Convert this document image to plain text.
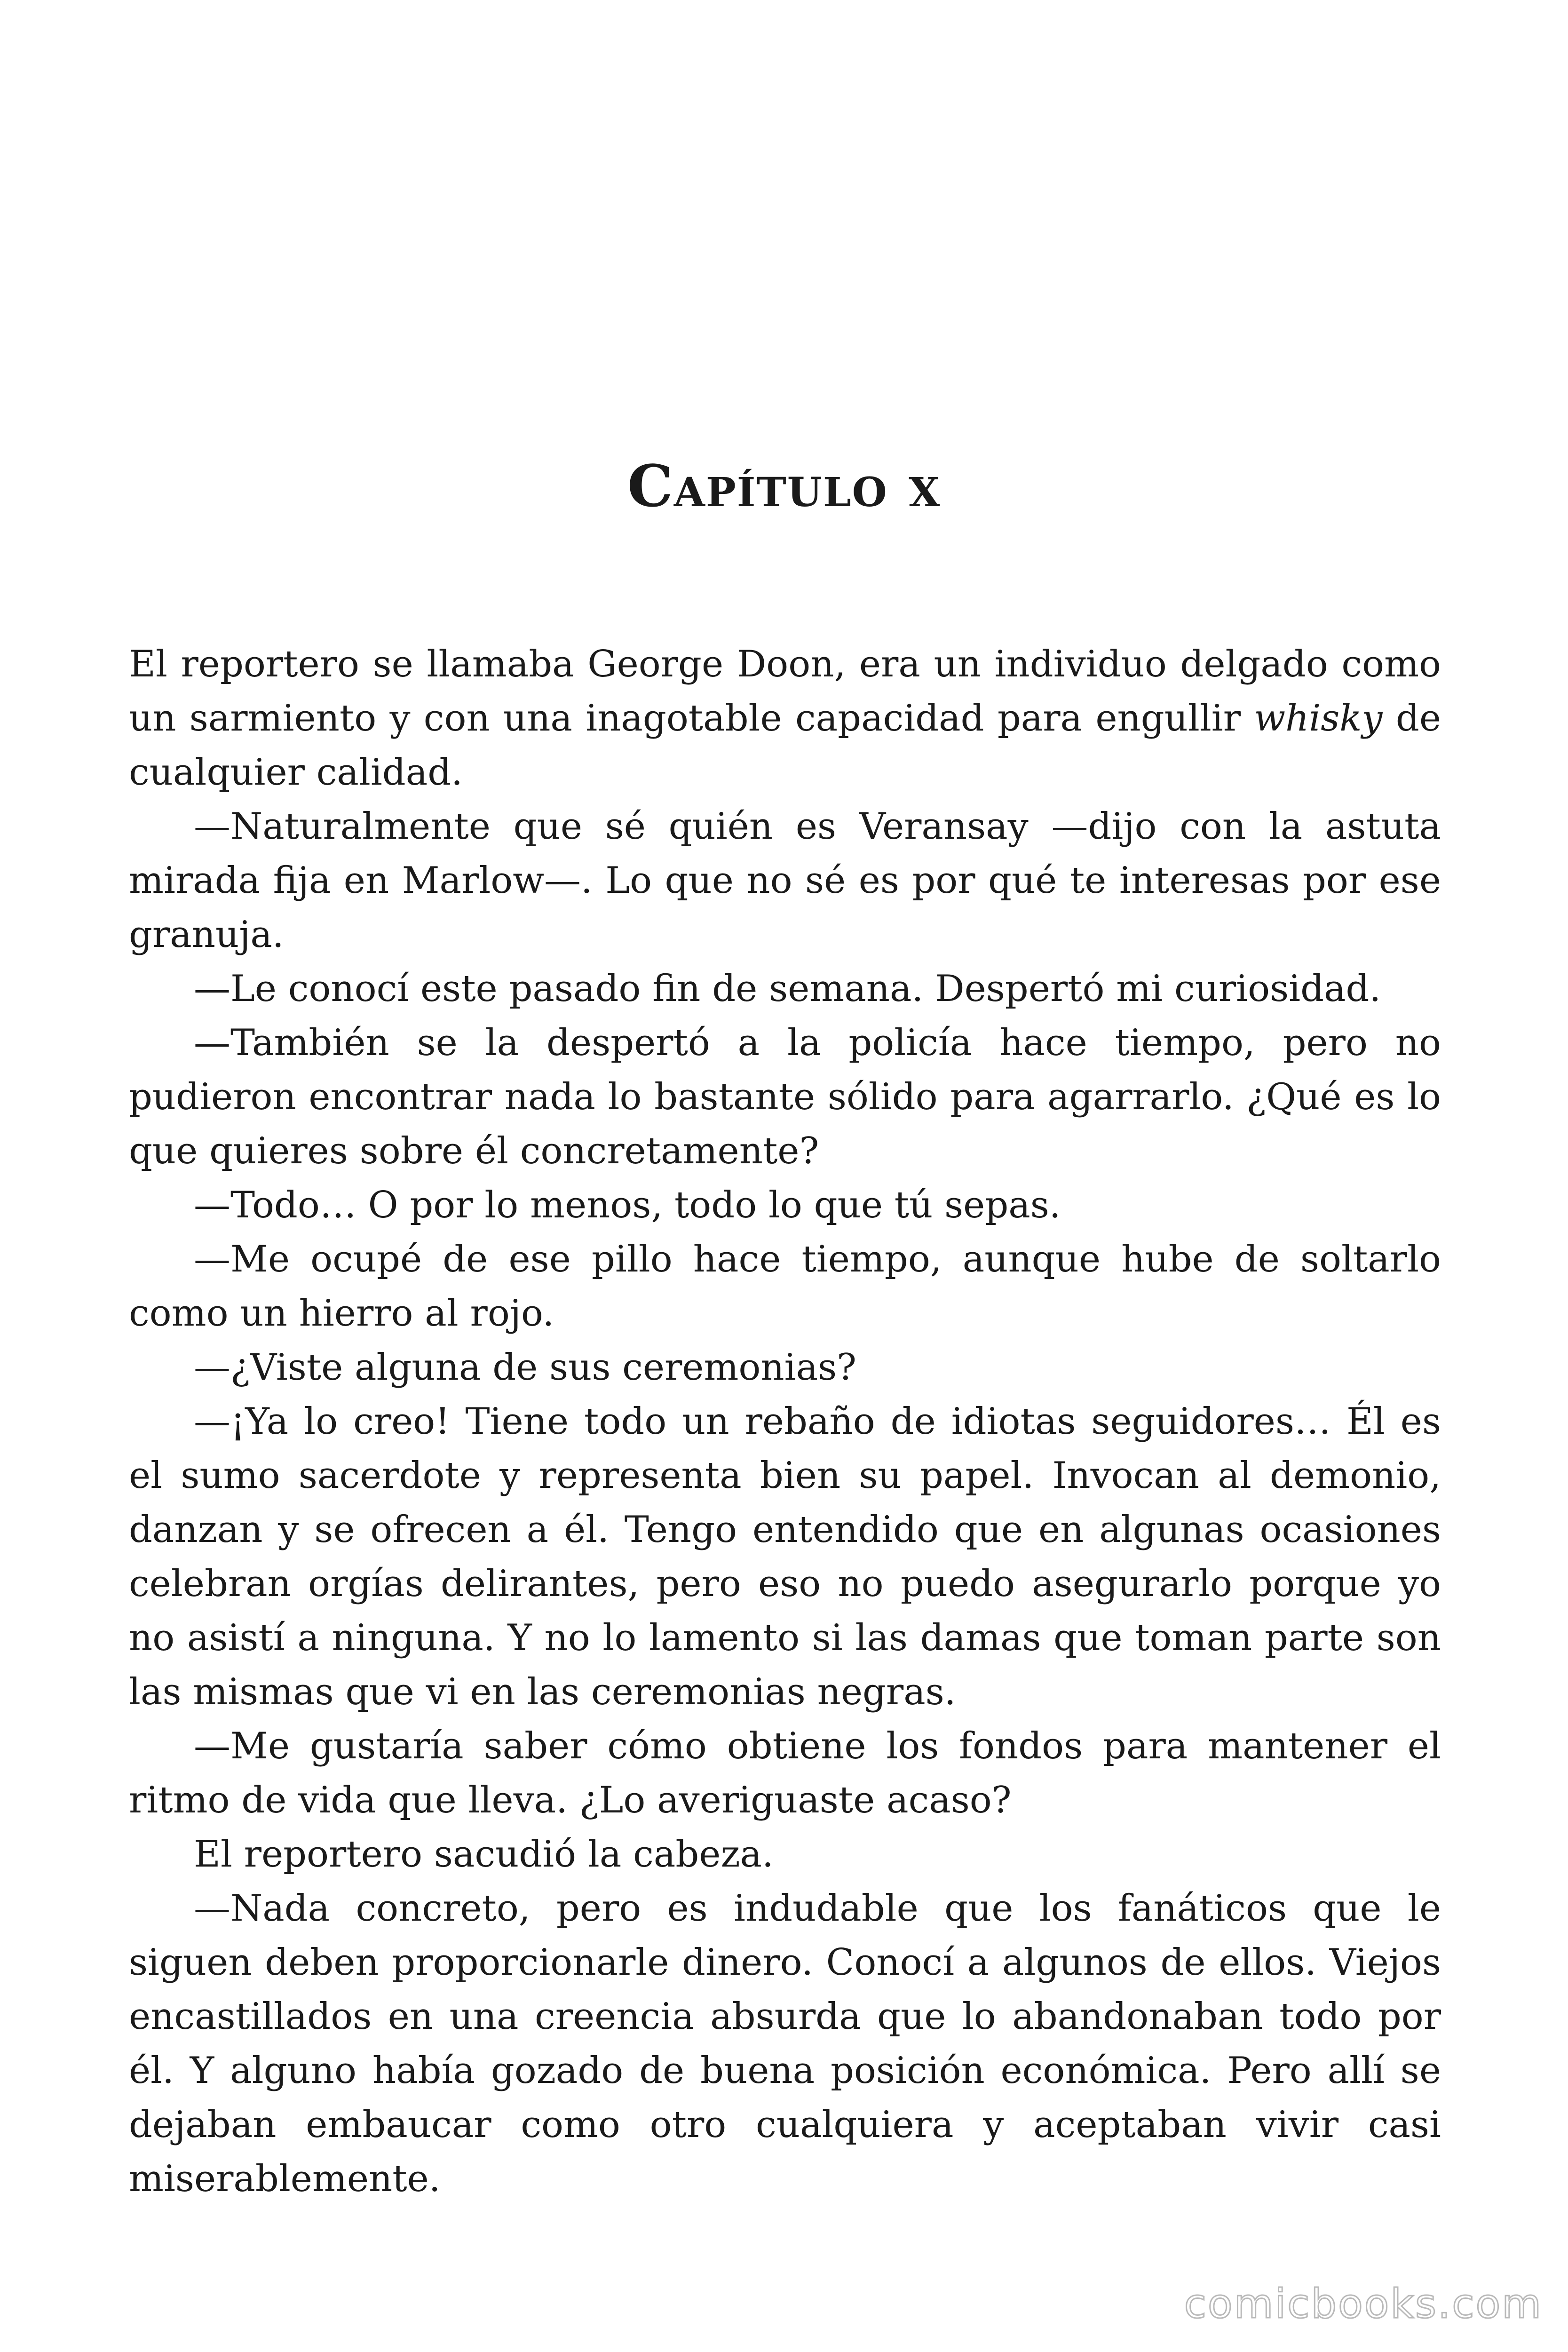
Capítulo x

El reportero se llamaba George Doon, era un individuo delgado como un sarmiento y con una inagotable capacidad para engullir whisky de cualquier calidad.

—Naturalmente que sé quién es Veransay —dijo con la astuta mirada fija en Marlow—. Lo que no sé es por qué te interesas por ese granuja.

—Le conocí este pasado fin de semana. Despertó mi curiosidad.

—También se la despertó a la policía hace tiempo, pero no pudieron encontrar nada lo bastante sólido para agarrarlo. ¿Qué es lo que quieres sobre él concretamente?

—Todo… O por lo menos, todo lo que tú sepas.

—Me ocupé de ese pillo hace tiempo, aunque hube de soltarlo como un hierro al rojo.

—¿Viste alguna de sus ceremonias?

—¡Ya lo creo! Tiene todo un rebaño de idiotas seguidores… Él es el sumo sacerdote y representa bien su papel. Invocan al demonio, danzan y se ofrecen a él. Tengo entendido que en algunas ocasiones celebran orgías delirantes, pero eso no puedo asegurarlo porque yo no asistí a ninguna. Y no lo lamento si las damas que toman parte son las mismas que vi en las ceremonias negras.

—Me gustaría saber cómo obtiene los fondos para mantener el ritmo de vida que lleva. ¿Lo averiguaste acaso?

El reportero sacudió la cabeza.

—Nada concreto, pero es indudable que los fanáticos que le siguen deben proporcionarle dinero. Conocí a algunos de ellos. Viejos encastillados en una creencia absurda que lo abandonaban todo por él. Y alguno había gozado de buena posición económica. Pero allí se dejaban embaucar como otro cualquiera y aceptaban vivir casi miserablemente.

comicbooks.com
